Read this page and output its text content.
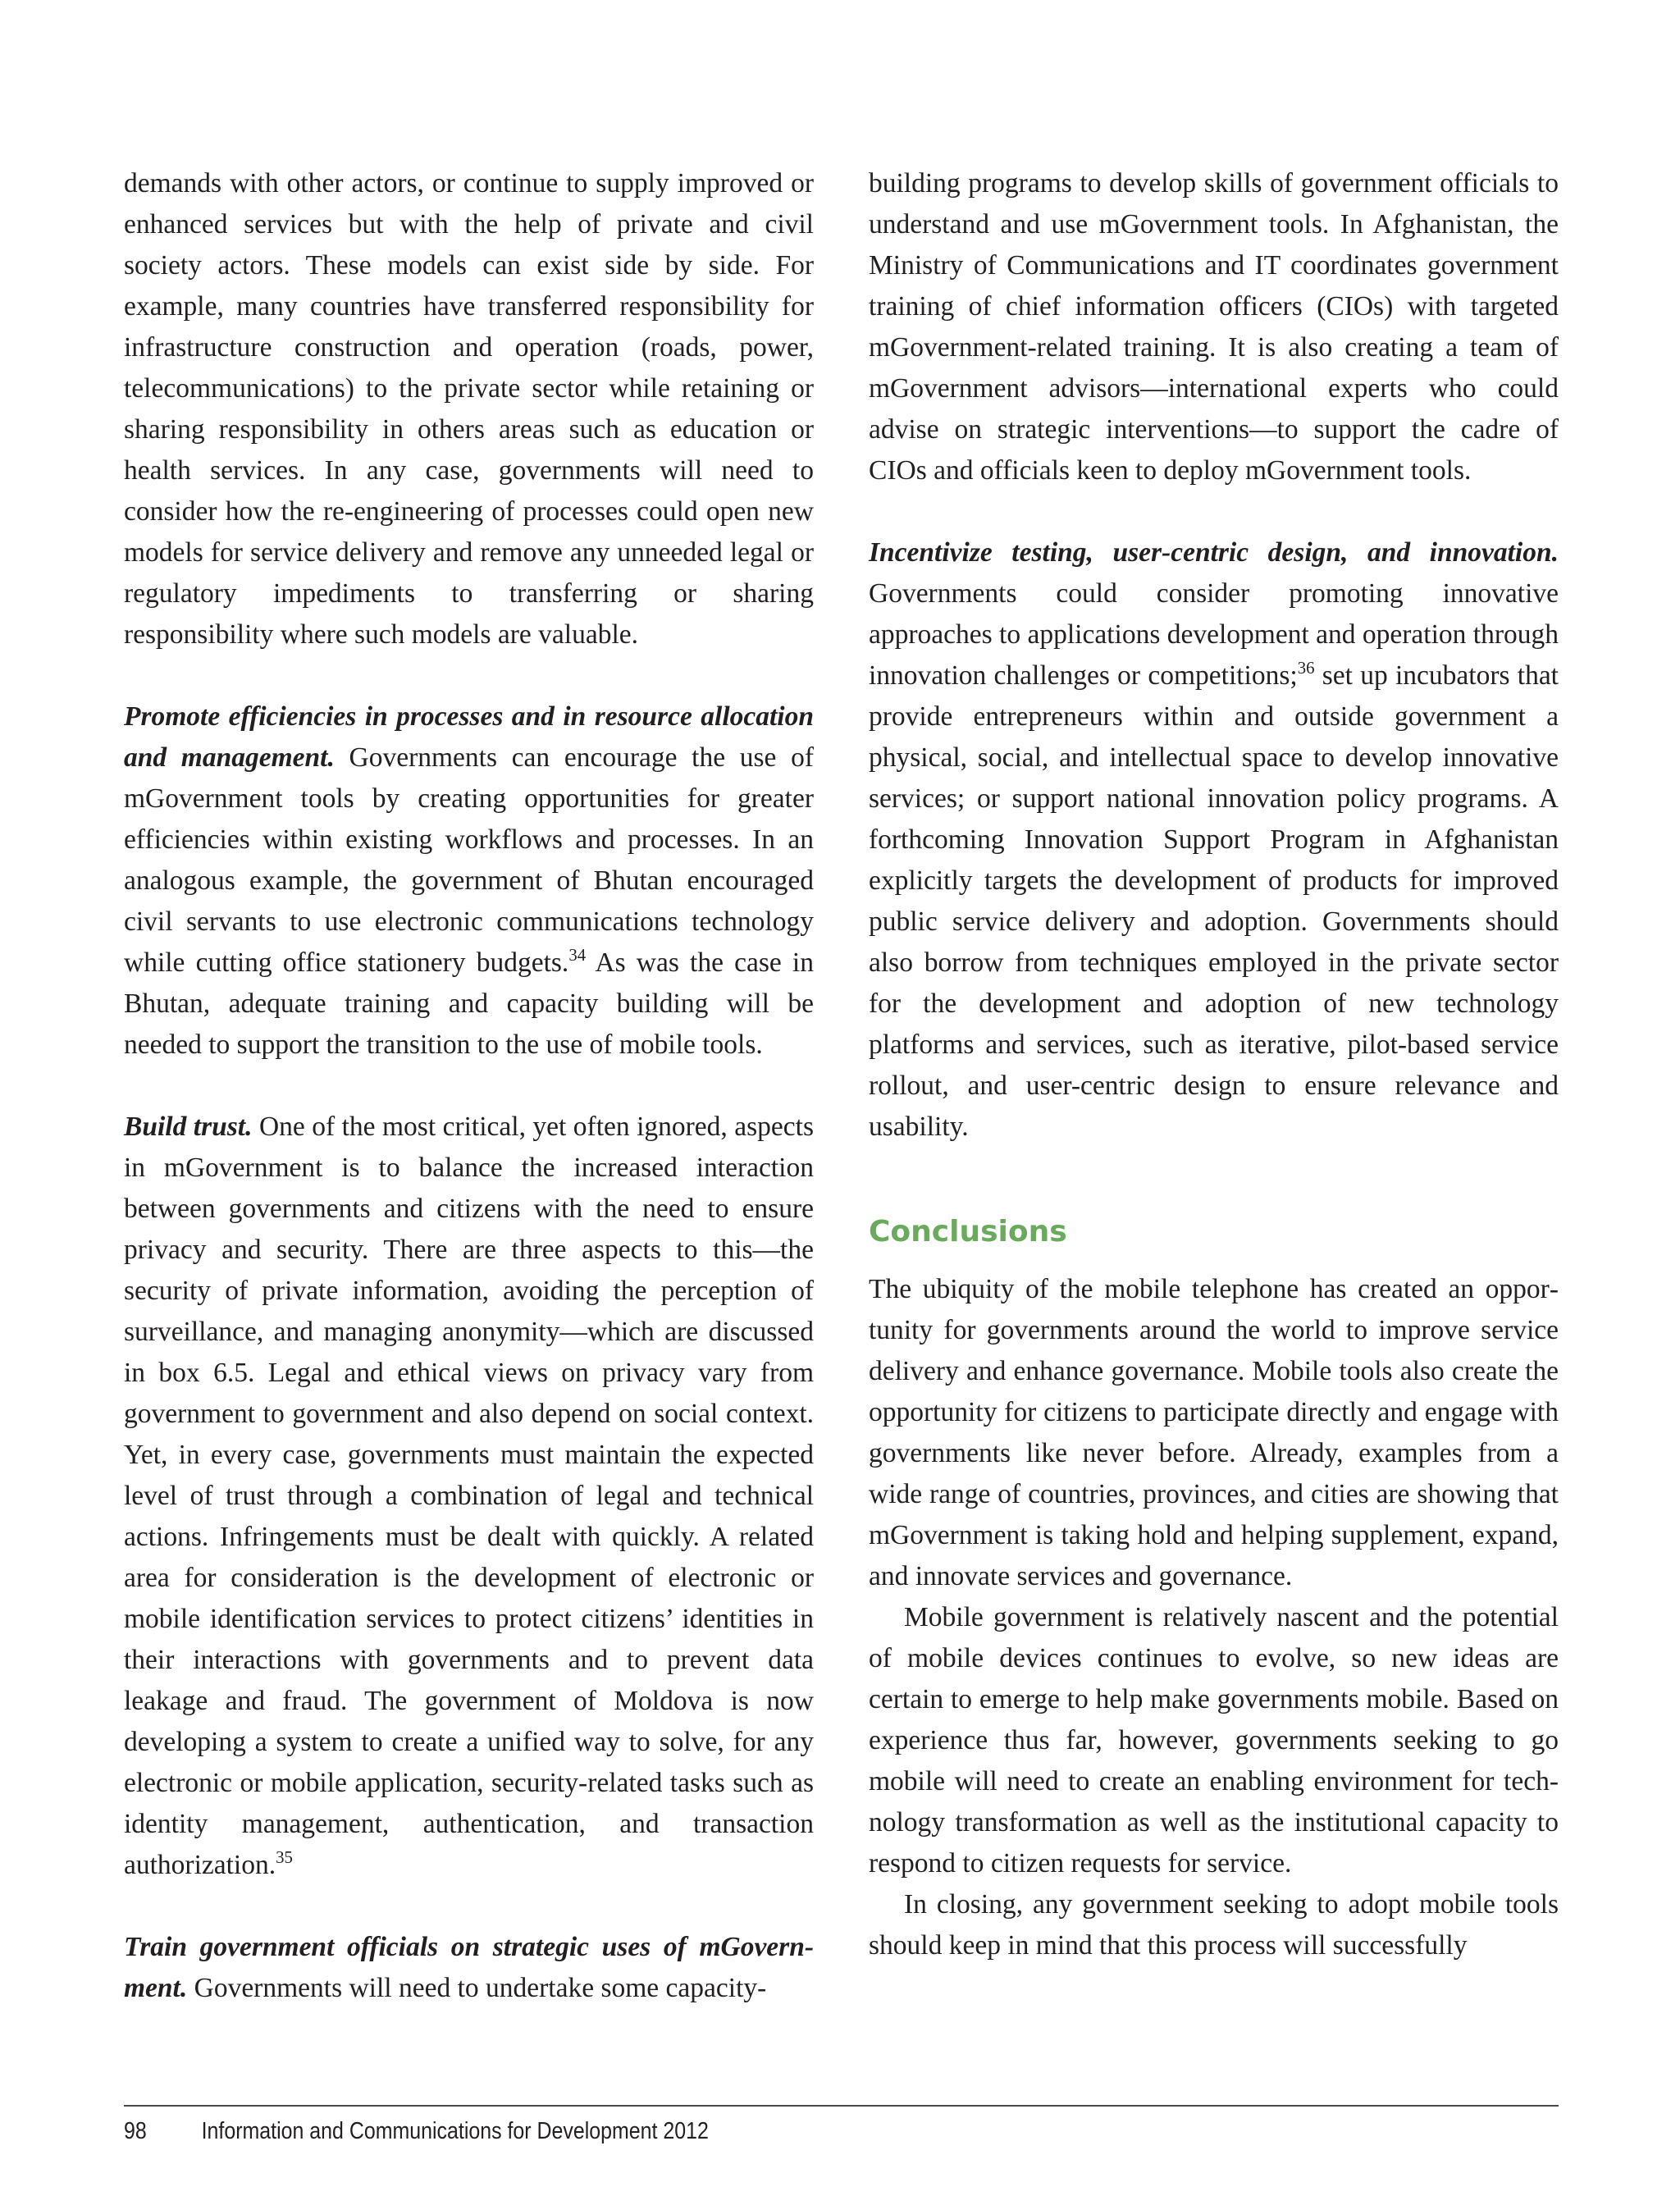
demands with other actors, or continue to supply improved or enhanced services but with the help of private and civil society actors. These models can exist side by side. For example, many countries have transferred responsibility for infrastructure construction and operation (roads, power, telecommunications) to the private sector while retaining or sharing responsibility in others areas such as education or health services. In any case, governments will need to consider how the re-engineering of processes could open new models for service delivery and remove any unneeded legal or regulatory impediments to transferring or sharing responsibility where such models are valuable.

Promote efficiencies in processes and in resource allocation and management. Governments can encourage the use of mGovernment tools by creating opportunities for greater efficiencies within existing workflows and processes. In an analogous example, the government of Bhutan encouraged civil servants to use electronic communications technology while cutting office stationery budgets.$^{34}$ As was the case in Bhutan, adequate training and capacity building will be needed to support the transition to the use of mobile tools.

Build trust. One of the most critical, yet often ignored, aspects in mGovernment is to balance the increased interaction between governments and citizens with the need to ensure privacy and security. There are three aspects to this—the security of private information, avoiding the perception of surveillance, and managing anonymity—which are discussed in box 6.5. Legal and ethical views on privacy vary from government to government and also depend on social context. Yet, in every case, governments must maintain the expected level of trust through a combination of legal and technical actions. Infringements must be dealt with quickly. A related area for consideration is the development of electronic or mobile identification services to protect citizens’ identities in their interactions with governments and to prevent data leakage and fraud. The government of Moldova is now developing a system to create a unified way to solve, for any electronic or mobile application, security-related tasks such as identity management, authentication, and transaction authorization.$^{35}$

Train government officials on strategic uses of mGovernment. Governments will need to undertake some capacity-

building programs to develop skills of government officials to understand and use mGovernment tools. In Afghanistan, the Ministry of Communications and IT coordinates government training of chief information officers (CIOs) with targeted mGovernment-related training. It is also creating a team of mGovernment advisors—international experts who could advise on strategic interventions—to support the cadre of CIOs and officials keen to deploy mGovernment tools.

Incentivize testing, user-centric design, and innovation. Governments could consider promoting innovative approaches to applications development and operation through innovation challenges or competitions;$^{36}$ set up incubators that provide entrepreneurs within and outside government a physical, social, and intellectual space to develop innovative services; or support national innovation policy programs. A forthcoming Innovation Support Program in Afghanistan explicitly targets the development of products for improved public service delivery and adoption. Governments should also borrow from techniques employed in the private sector for the development and adoption of new technology platforms and services, such as iterative, pilot-based service rollout, and user-centric design to ensure relevance and usability.

Conclusions

The ubiquity of the mobile telephone has created an opportunity for governments around the world to improve service delivery and enhance governance. Mobile tools also create the opportunity for citizens to participate directly and engage with governments like never before. Already, examples from a wide range of countries, provinces, and cities are showing that mGovernment is taking hold and helping supplement, expand, and innovate services and governance.

Mobile government is relatively nascent and the potential of mobile devices continues to evolve, so new ideas are certain to emerge to help make governments mobile. Based on experience thus far, however, governments seeking to go mobile will need to create an enabling environment for technology transformation as well as the institutional capacity to respond to citizen requests for service.

In closing, any government seeking to adopt mobile tools should keep in mind that this process will successfully

98 Information and Communications for Development 2012
